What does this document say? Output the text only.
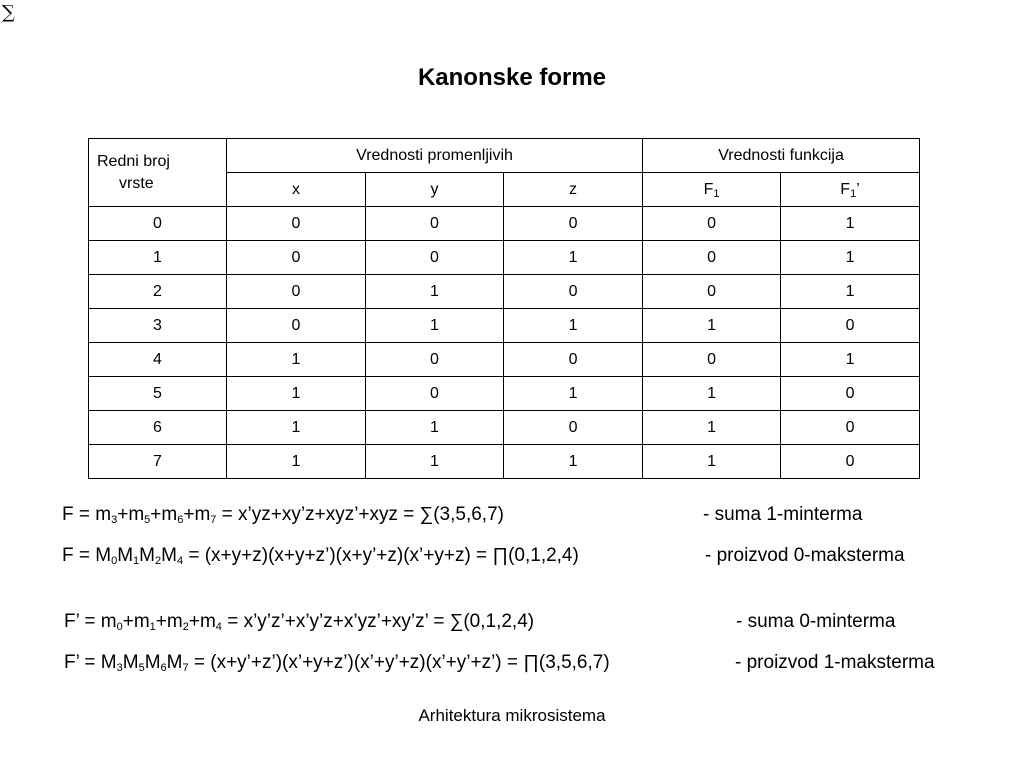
∑
Kanonske forme
Redni broj
vrste	Vrednosti promenljivih			Vrednosti funkcija	
	x	y	z	$F_1$	$F_1$’
0	0	0	0	0	1
1	0	0	1	0	1
2	0	1	0	0	1
3	0	1	1	1	0
4	1	0	0	0	1
5	1	0	1	1	0
6	1	1	0	1	0
7	1	1	1	1	0
$F = m_3+m_5+m_6+m_7$ = x’yz+xy’z+xyz’+xyz = ∑(3,5,6,7)	- suma 1-minterma
$F = M_0M_1M_2M_4$ = (x+y+z)(x+y+z’)(x+y’+z)(x’+y+z) = ∏(0,1,2,4)	- proizvod 0-maksterma
F’ = $m_0+m_1+m_2+m_4$ = x’y’z’+x’y’z+x’yz’+xy’z’ = ∑(0,1,2,4)	- suma 0-minterma
F’ = $M_3M_5M_6M_7$ = (x+y’+z’)(x’+y+z’)(x’+y’+z)(x’+y’+z’) = ∏(3,5,6,7)	- proizvod 1-maksterma
Arhitektura mikrosistema
